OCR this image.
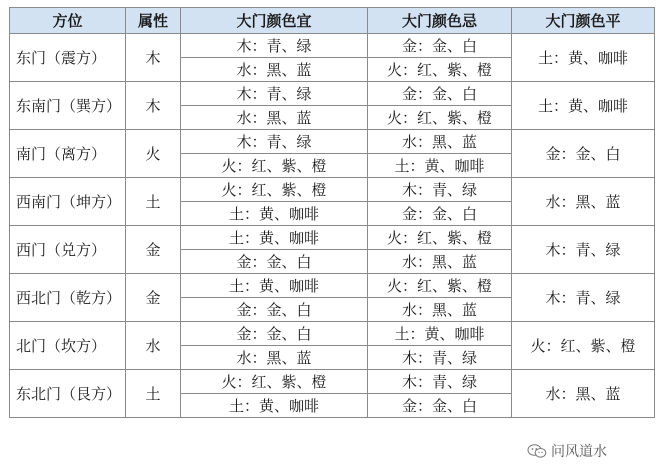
方位	属性	大门颜色宜	大门颜色忌	大门颜色平
东门（震方）	木	木：青、绿	金：金、白	土：黄、咖啡
		水：黑、蓝	火：红、紫、橙	
东南门（巽方）	木	木：青、绿	金：金、白	土：黄、咖啡
		水：黑、蓝	火：红、紫、橙	
南门（离方）	火	木：青、绿	水：黑、蓝	金：金、白
		火：红、紫、橙	土：黄、咖啡	
西南门（坤方）	土	火：红、紫、橙	木：青、绿	水：黑、蓝
		土：黄、咖啡	金：金、白	
西门（兑方）	金	土：黄、咖啡	火：红、紫、橙	木：青、绿
		金：金、白	水：黑、蓝	
西北门（乾方）	金	土：黄、咖啡	火：红、紫、橙	木：青、绿
		金：金、白	水：黑、蓝	
北门（坎方）	水	金：金、白	土：黄、咖啡	火：红、紫、橙
		水：黑、蓝	木：青、绿	
东北门（艮方）	土	火：红、紫、橙	木：青、绿	水：黑、蓝
		土：黄、咖啡	金：金、白	
问风道水
